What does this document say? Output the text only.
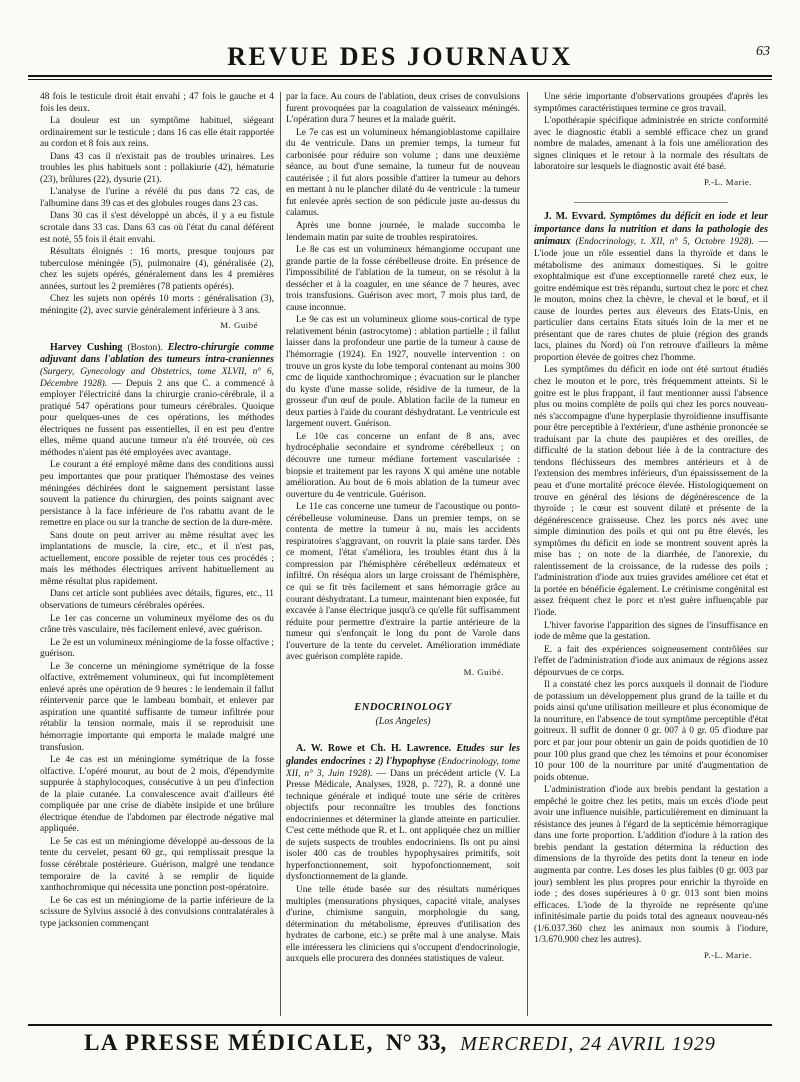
REVUE DES JOURNAUX	63

48 fois le testicule droit était envahi ; 47 fois le gauche et 4 fois les deux.

La douleur est un symptôme habituel, siégeant ordinairement sur le testicule ; dans 16 cas elle était rapportée au cordon et 8 fois aux reins.

Dans 43 cas il n'existait pas de troubles urinaires. Les troubles les plus habituels sont : pollakiurie (42), hématurie (23), brûlures (22), dysurie (21).

L'analyse de l'urine a révélé du pus dans 72 cas, de l'albumine dans 39 cas et des globules rouges dans 23 cas.

Dans 30 cas il s'est développé un abcès, il y a eu fistule scrotale dans 33 cas. Dans 63 cas où l'état du canal déférent est noté, 55 fois il était envahi.

Résultats éloignés : 16 morts, presque toujours par tuberculose méningée (5), pulmonaire (4), généralisée (2), chez les sujets opérés, généralement dans les 4 premières années, surtout les 2 premières (78 patients opérés).

Chez les sujets non opérés 10 morts : généralisation (3), méningite (2), avec survie généralement inférieure à 3 ans.

M. Guibé

Harvey Cushing (Boston). Electro-chirurgie comme adjuvant dans l'ablation des tumeurs intra-craniennes (Surgery, Gynecology and Obstetrics, tome XLVII, n° 6, Décembre 1928). — Depuis 2 ans que C. a commencé à employer l'électricité dans la chirurgie cranio-cérébrale, il a pratiqué 547 opérations pour tumeurs cérébrales. Quoique pour quelques-unes de ces opérations, les méthodes électriques ne fussent pas essentielles, il en est peu d'entre elles, même quand aucune tumeur n'a été trouvée, où ces méthodes n'aient pas été employées avec avantage.

Le courant a été employé même dans des conditions aussi peu importantes que pour pratiquer l'hémostase des veines méningées déchirées dont le saignement persistant lasse souvent la patience du chirurgien, des points saignant avec persistance à la face inférieure de l'os rabattu avant de le remettre en place ou sur la tranche de section de la dure-mère.

Sans doute on peut arriver au même résultat avec les implantations de muscle, la cire, etc., et il n'est pas, actuellement, encore possible de rejeter tous ces procédés ; mais les méthodes électriques arrivent habituellement au même résultat plus rapidement.

Dans cet article sont publiées avec détails, figures, etc., 11 observations de tumeurs cérébrales opérées.

Le 1er cas concerne un volumineux myélome des os du crâne très vasculaire, très facilement enlevé, avec guérison.

Le 2e est un volumineux méningiome de la fosse olfactive ; guérison.

Le 3e concerne un méningiome symétrique de la fosse olfactive, extrêmement volumineux, qui fut incomplètement enlevé après une opération de 9 heures : le lendemain il fallut réintervenir parce que le lambeau bombait, et enlever par aspiration une quantité suffisante de tumeur infiltrée pour rétablir la tension normale, mais il se reproduisit une hémorragie importante qui emporta le malade malgré une transfusion.

Le 4e cas est un méningiome symétrique de la fosse olfactive. L'opéré mourut, au bout de 2 mois, d'épendymite suppurée à staphylocoques, consécutive à un peu d'infection de la plaie cutanée. La convalescence avait d'ailleurs été compliquée par une crise de diabète insipide et une brûlure électrique étendue de l'abdomen par électrode négative mal appliquée.

Le 5e cas est un méningiome développé au-dessous de la tente du cervelet, pesant 60 gr., qui remplissait presque la fosse cérébrale postérieure. Guérison, malgré une tendance temporaire de la cavité à se remplir de liquide xanthochromique qui nécessita une ponction post-opératoire.

Le 6e cas est un méningiome de la partie inférieure de la scissure de Sylvius associé à des convulsions contralatérales à type jacksonien commençant

par la face. Au cours de l'ablation, deux crises de convulsions furent provoquées par la coagulation de vaisseaux méningés. L'opération dura 7 heures et la malade guérit.

Le 7e cas est un volumineux hémangioblastome capillaire du 4e ventricule. Dans un premier temps, la tumeur fut carbonisée pour réduire son volume ; dans une deuxième séance, au bout d'une semaine, la tumeur fut de nouveau cautérisée ; il fut alors possible d'attirer la tumeur au dehors en mettant à nu le plancher dilaté du 4e ventricule : la tumeur fut enlevée après section de son pédicule juste au-dessus du calamus.

Après une bonne journée, le malade succomba le lendemain matin par suite de troubles respiratoires.

Le 8e cas est un volumineux hémangiome occupant une grande partie de la fosse cérébelleuse droite. En présence de l'impossibilité de l'ablation de la tumeur, on se résolut à la dessécher et à la coaguler, en une séance de 7 heures, avec trois transfusions. Guérison avec mort, 7 mois plus tard, de cause inconnue.

Le 9e cas est un volumineux gliome sous-cortical de type relativement bénin (astrocytome) : ablation partielle ; il fallut laisser dans la profondeur une partie de la tumeur à cause de l'hémorragie (1924). En 1927, nouvelle intervention : on trouve un gros kyste du lobe temporal contenant au moins 300 cmc de liquide xanthochromique ; évacuation sur le plancher du kyste d'une masse solide, résidive de la tumeur, de la grosseur d'un œuf de poule. Ablation facile de la tumeur en deux parties à l'aide du courant déshydratant. Le ventricule est largement ouvert. Guérison.

Le 10e cas concerne un enfant de 8 ans, avec hydrocéphalie secondaire et syndrome cérébelleux ; on découvre une tumeur médiane fortement vascularisée : biopsie et traitement par les rayons X qui amène une notable amélioration. Au bout de 6 mois ablation de la tumeur avec ouverture du 4e ventricule. Guérison.

Le 11e cas concerne une tumeur de l'acoustique ou ponto-cérébelleuse volumineuse. Dans un premier temps, on se contenta de mettre la tumeur à nu, mais les accidents respiratoires s'aggravant, on rouvrit la plaie sans tarder. Dès ce moment, l'état s'améliora, les troubles étant dus à la compression par l'hémisphère cérébelleux œdémateux et infiltré. On réséqua alors un large croissant de l'hémisphère, ce qui se fit très facilement et sans hémorragie grâce au courant déshydratant. La tumeur, maintenant bien exposée, fut excavée à l'anse électrique jusqu'à ce qu'elle fût suffisamment réduite pour permettre d'extraire la partie antérieure de la tumeur qui s'enfonçait le long du pont de Varole dans l'ouverture de la tente du cervelet. Amélioration immédiate avec guérison complète rapide.

M. Guibé.
ENDOCRINOLOGY
(Los Angeles)

A. W. Rowe et Ch. H. Lawrence. Etudes sur les glandes endocrines : 2) l'hypophyse (Endocrinology, tome XII, n° 3, Juin 1928). — Dans un précédent article (V. La Presse Médicale, Analyses, 1928, p. 727), R. a donné une technique générale et indiqué toute une série de critères objectifs pour reconnaître les troubles des fonctions endocriniennes et déterminer la glande atteinte en particulier. C'est cette méthode que R. et L. ont appliquée chez un millier de sujets suspects de troubles endocriniens. Ils ont pu ainsi isoler 400 cas de troubles hypophysaires primitifs, soit hyperfonctionnement, soit hypofonctionnement, soit dysfonctionnement de la glande.

Une telle étude basée sur des résultats numériques multiples (mensurations physiques, capacité vitale, analyses d'urine, chimisme sanguin, morphologie du sang, détermination du métabolisme, épreuves d'utilisation des hydrates de carbone, etc.) se prête mal à une analyse. Mais elle intéressera les cliniciens qui s'occupent d'endocrinologie, auxquels elle procurera des données statistiques de valeur.

Une série importante d'observations groupées d'après les symptômes caractéristiques termine ce gros travail.

L'opothérapie spécifique administrée en stricte conformité avec le diagnostic établi a semblé efficace chez un grand nombre de malades, amenant à la fois une amélioration des signes cliniques et le retour à la normale des résultats de laboratoire sur lesquels le diagnostic avait été basé.

P.-L. Marie.

J. M. Evvard. Symptômes du déficit en iode et leur importance dans la nutrition et dans la pathologie des animaux (Endocrinology, t. XII, n° 5, Octobre 1928). — L'iode joue un rôle essentiel dans la thyroïde et dans le métabolisme des animaux domestiques. Si le goitre exophtalmique est d'une exceptionnelle rareté chez eux, le goitre endémique est très répandu, surtout chez le porc et chez le mouton, moins chez la chèvre, le cheval et le bœuf, et il cause de lourdes pertes aux éleveurs des Etats-Unis, en particulier dans certains Etats situés loin de la mer et ne présentant que de rares chutes de pluie (région des grands lacs, plaines du Nord) où l'on retrouve d'ailleurs la même proportion élevée de goitres chez l'homme.

Les symptômes du déficit en iode ont été surtout étudiés chez le mouton et le porc, très fréquemment atteints. Si le goitre est le plus frappant, il faut mentionner aussi l'absence plus ou moins complète de poils qui chez les porcs nouveau-nés s'accompagne d'une hyperplasie thyroïdienne insuffisante pour être perceptible à l'extérieur, d'une asthénie prononcée se traduisant par la chute des paupières et des oreilles, de difficulté de la station debout liée à de la contracture des tendons fléchisseurs des membres antérieurs et à de l'extension des membres inférieurs, d'un épaississement de la peau et d'une mortalité précoce élevée. Histologiquement on trouve en général des lésions de dégénérescence de la thyroïde ; le cœur est souvent dilaté et présente de la dégénérescence graisseuse. Chez les porcs nés avec une simple diminution des poils et qui ont pu être élevés, les symptômes du déficit en iode se montrent souvent après la mise bas ; on note de la diarrhée, de l'anorexie, du ralentissement de la croissance, de la rudesse des poils ; l'administration d'iode aux truies gravides améliore cet état et la portée en bénéficie également. Le crétinisme congénital est assez fréquent chez le porc et n'est guère influençable par l'iode.

L'hiver favorise l'apparition des signes de l'insuffisance en iode de même que la gestation.

E. a fait des expériences soigneusement contrôlées sur l'effet de l'administration d'iode aux animaux de régions assez dépourvues de ce corps.

Il a constaté chez les porcs auxquels il donnait de l'iodure de potassium un développement plus grand de la taille et du poids ainsi qu'une utilisation meilleure et plus économique de la nourriture, en l'absence de tout symptôme perceptible d'état goitreux. Il suffit de donner 0 gr. 007 à 0 gr. 05 d'iodure par porc et par jour pour obtenir un gain de poids quotidien de 10 pour 100 plus grand que chez les témoins et pour économiser 10 pour 100 de la nourriture par unité d'augmentation de poids obtenue.

L'administration d'iode aux brebis pendant la gestation a empêché le goitre chez les petits, mais un excès d'iode peut avoir une influence nuisible, particulièrement en diminuant la résistance des jeunes à l'égard de la septicémie hémorragique dans une forte proportion. L'addition d'iodure à la ration des brebis pendant la gestation détermina la réduction des dimensions de la thyroïde des petits dont la teneur en iode augmenta par contre. Les doses les plus faibles (0 gr. 003 par jour) semblent les plus propres pour enrichir la thyroïde en iode ; des doses supérieures à 0 gr. 013 sont bien moins efficaces. L'iode de la thyroïde ne représente qu'une infinitésimale partie du poids total des agneaux nouveau-nés (1/6.037.360 chez les animaux non soumis à l'iodure, 1/3.670.900 chez les autres).

P.-L. Marie.
LA PRESSE MÉDICALE, N° 33, MERCREDI, 24 AVRIL 1929
